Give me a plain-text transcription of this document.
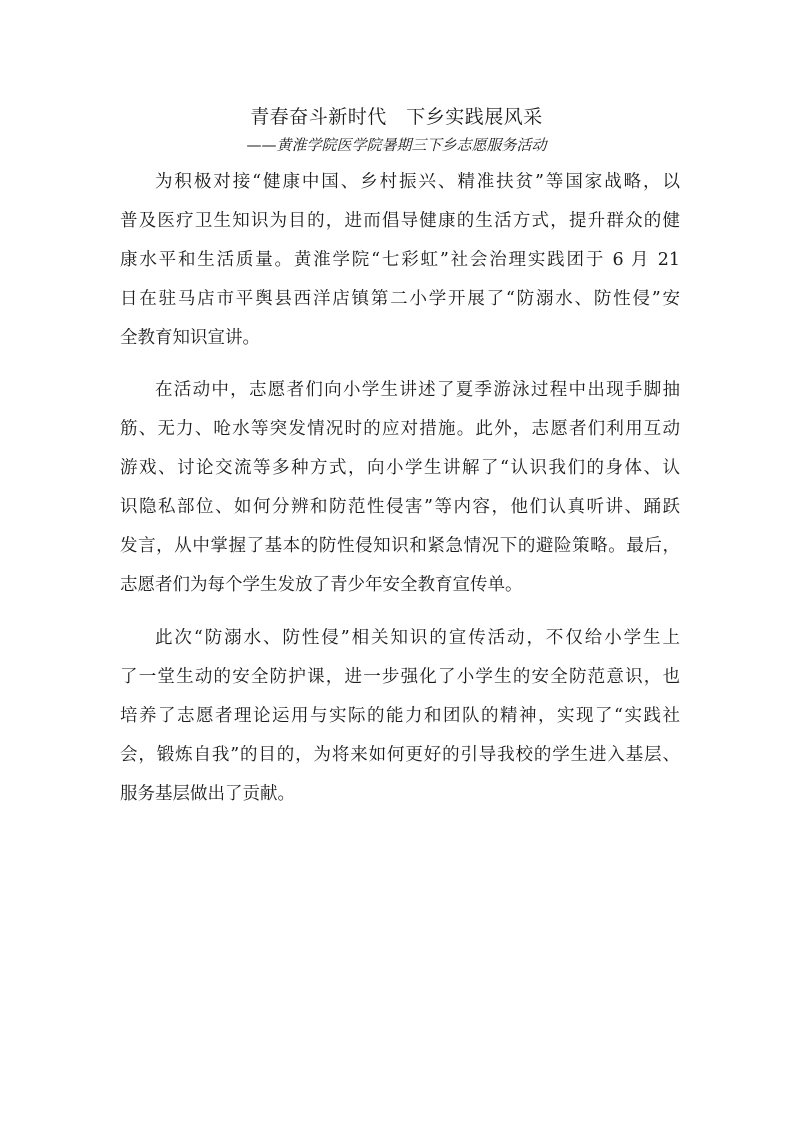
青春奋斗新时代　下乡实践展风采
——黄淮学院医学院暑期三下乡志愿服务活动
为积极对接“健康中国、乡村振兴、精准扶贫”等国家战略，以
普及医疗卫生知识为目的，进而倡导健康的生活方式，提升群众的健
康水平和生活质量。黄淮学院“七彩虹”社会治理实践团于 6 月 21
日在驻马店市平舆县西洋店镇第二小学开展了“防溺水、防性侵”安
全教育知识宣讲。
在活动中，志愿者们向小学生讲述了夏季游泳过程中出现手脚抽
筋、无力、呛水等突发情况时的应对措施。此外，志愿者们利用互动
游戏、讨论交流等多种方式，向小学生讲解了“认识我们的身体、认
识隐私部位、如何分辨和防范性侵害”等内容，他们认真听讲、踊跃
发言，从中掌握了基本的防性侵知识和紧急情况下的避险策略。最后，
志愿者们为每个学生发放了青少年安全教育宣传单。
此次“防溺水、防性侵”相关知识的宣传活动，不仅给小学生上
了一堂生动的安全防护课，进一步强化了小学生的安全防范意识，也
培养了志愿者理论运用与实际的能力和团队的精神，实现了“实践社
会，锻炼自我”的目的，为将来如何更好的引导我校的学生进入基层、
服务基层做出了贡献。
